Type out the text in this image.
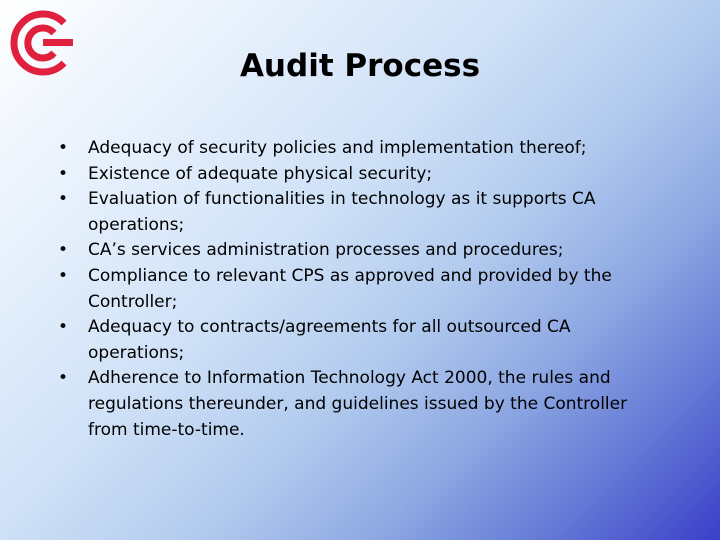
Audit Process
• Adequacy of security policies and implementation thereof;
• Existence of adequate physical security;
• Evaluation of functionalities in technology as it supports CA operations;
• CA’s services administration processes and procedures;
• Compliance to relevant CPS as approved and provided by the Controller;
• Adequacy to contracts/agreements for all outsourced CA operations;
• Adherence to Information Technology Act 2000, the rules and regulations thereunder, and guidelines issued by the Controller from time-to-time.
